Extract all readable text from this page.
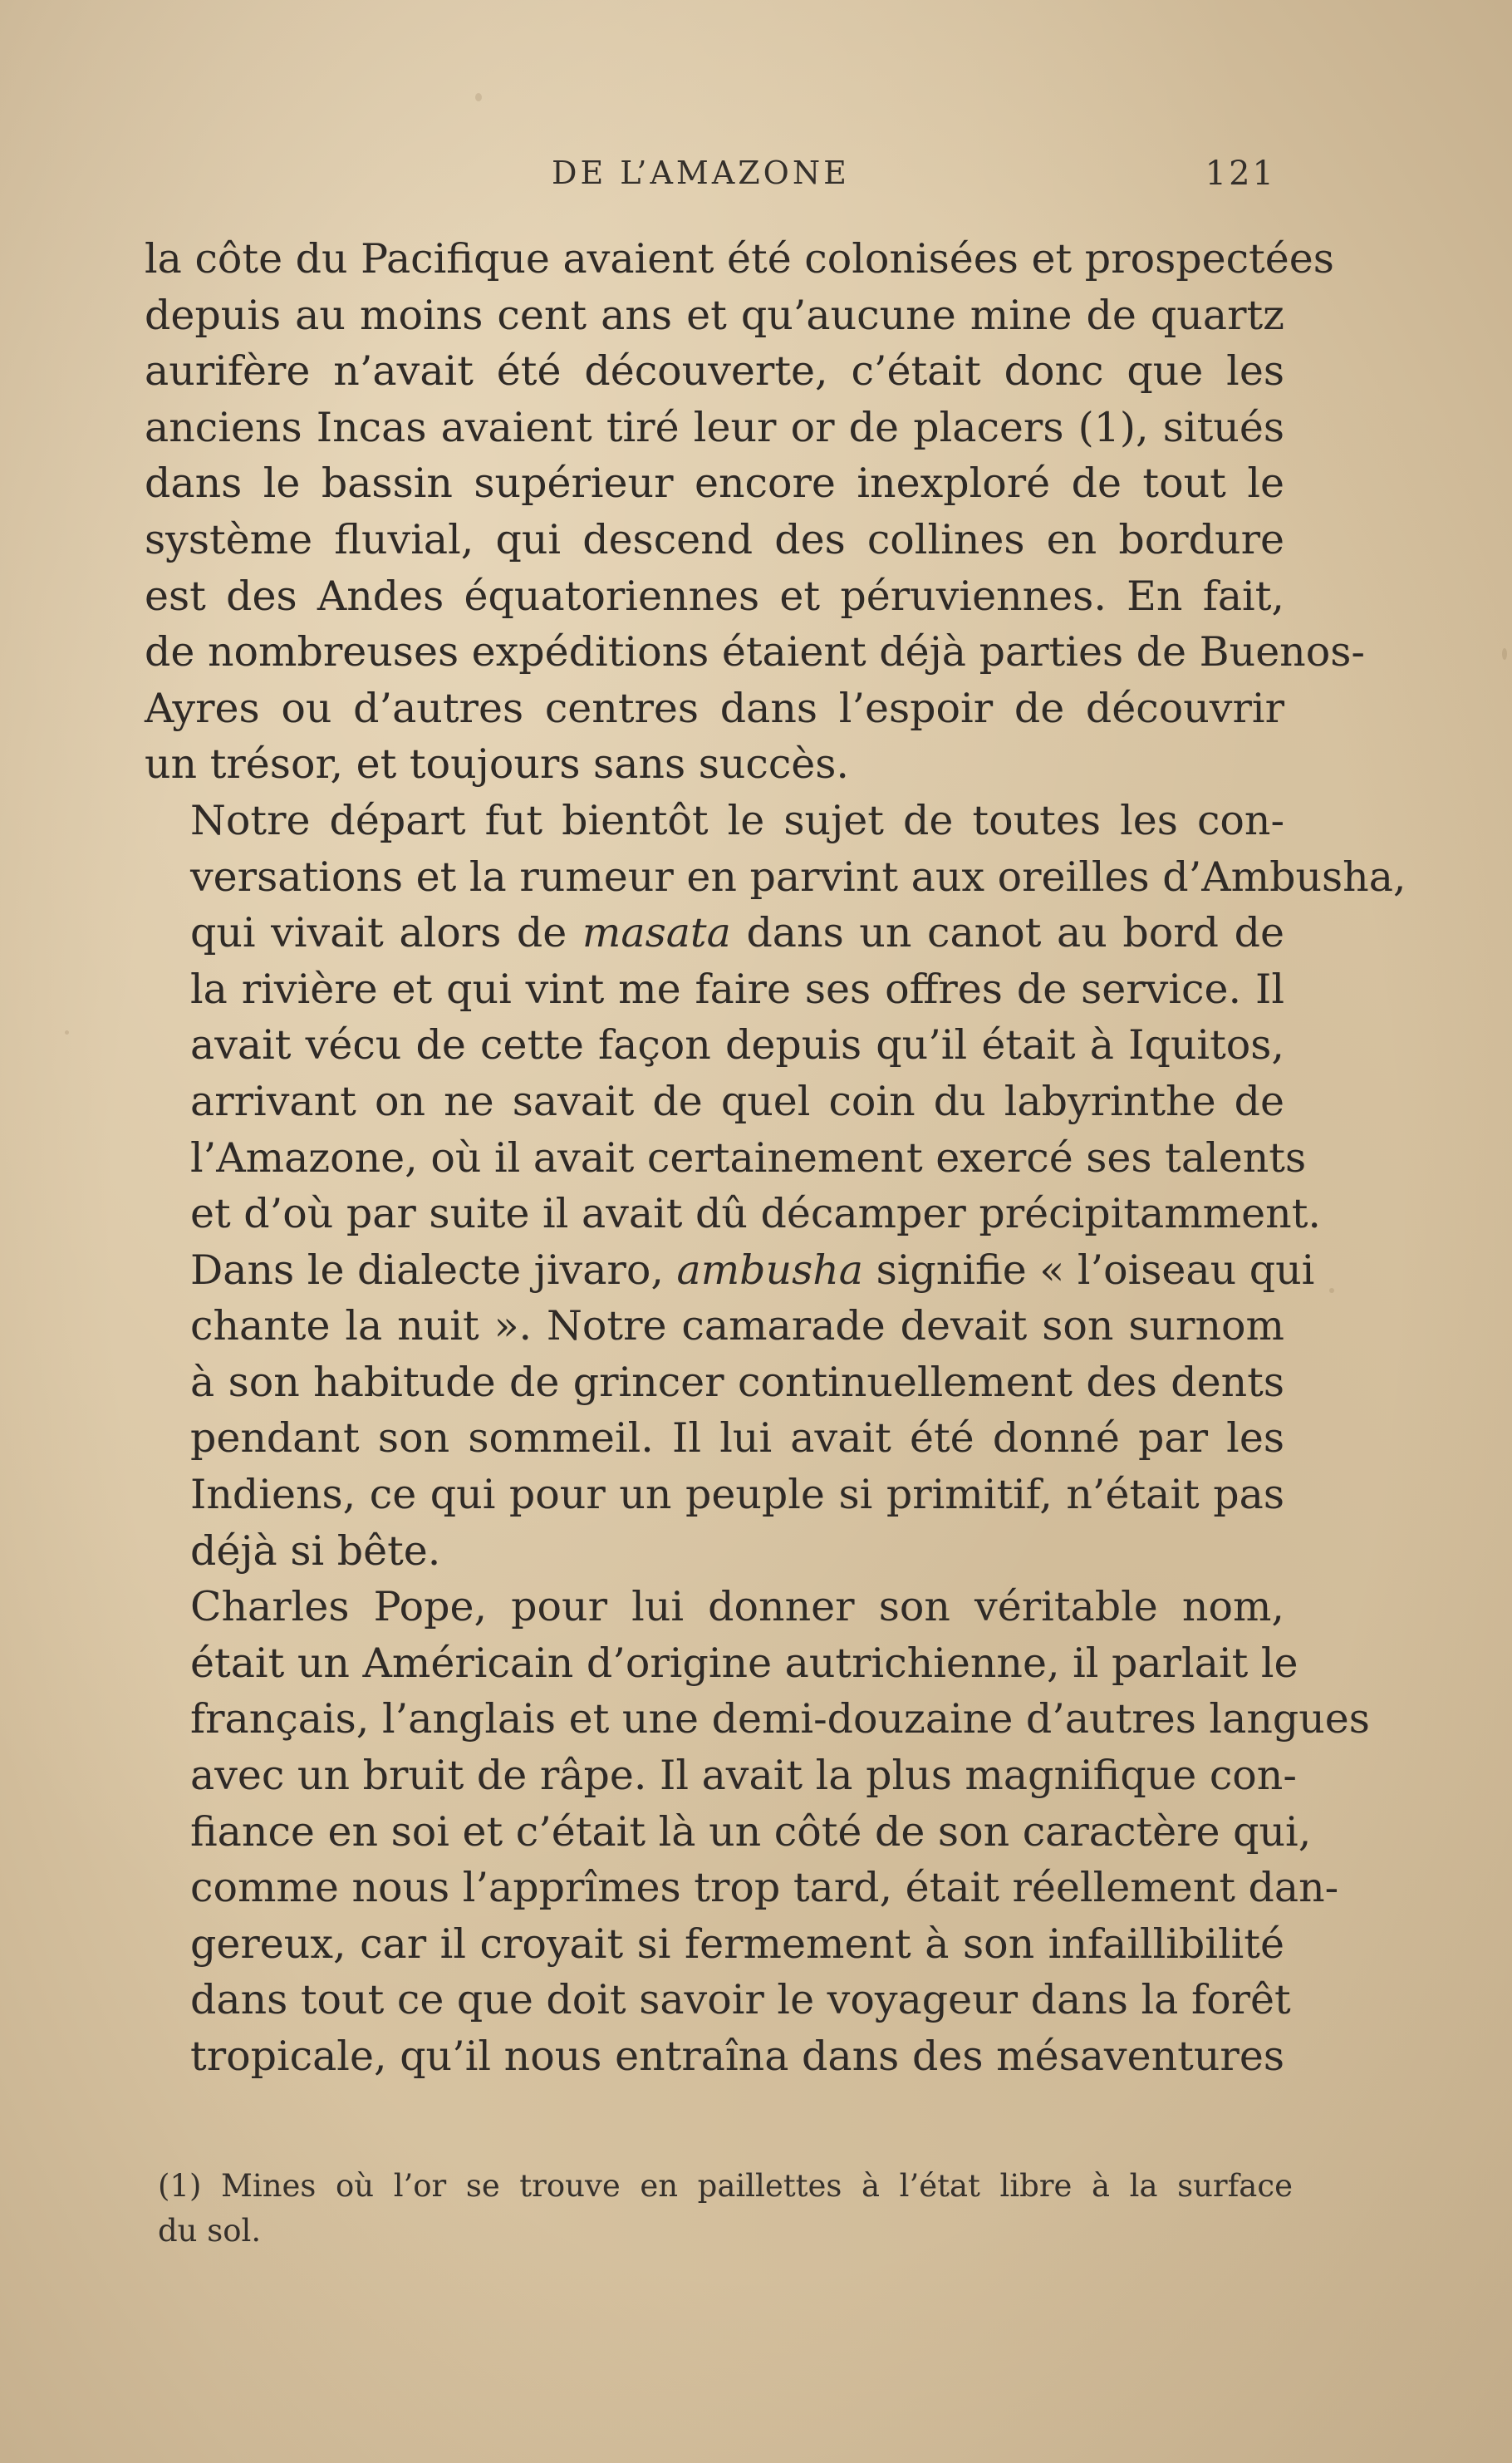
DE L’AMAZONE	121

la côte du Pacifique avaient été colonisées et prospectées
depuis au moins cent ans et qu’aucune mine de quartz
aurifère n’avait été découverte, c’était donc que les
anciens Incas avaient tiré leur or de placers (1), situés
dans le bassin supérieur encore inexploré de tout le
système fluvial, qui descend des collines en bordure
est des Andes équatoriennes et péruviennes. En fait,
de nombreuses expéditions étaient déjà parties de Buenos-
Ayres ou d’autres centres dans l’espoir de découvrir
un trésor, et toujours sans succès.

Notre départ fut bientôt le sujet de toutes les con-
versations et la rumeur en parvint aux oreilles d’Ambusha,
qui vivait alors de masata dans un canot au bord de
la rivière et qui vint me faire ses offres de service. Il
avait vécu de cette façon depuis qu’il était à Iquitos,
arrivant on ne savait de quel coin du labyrinthe de
l’Amazone, où il avait certainement exercé ses talents
et d’où par suite il avait dû décamper précipitamment.
Dans le dialecte jivaro, ambusha signifie « l’oiseau qui
chante la nuit ». Notre camarade devait son surnom
à son habitude de grincer continuellement des dents
pendant son sommeil. Il lui avait été donné par les
Indiens, ce qui pour un peuple si primitif, n’était pas
déjà si bête.

Charles Pope, pour lui donner son véritable nom,
était un Américain d’origine autrichienne, il parlait le
français, l’anglais et une demi-douzaine d’autres langues
avec un bruit de râpe. Il avait la plus magnifique con-
fiance en soi et c’était là un côté de son caractère qui,
comme nous l’apprîmes trop tard, était réellement dan-
gereux, car il croyait si fermement à son infaillibilité
dans tout ce que doit savoir le voyageur dans la forêt
tropicale, qu’il nous entraîna dans des mésaventures

(1) Mines où l’or se trouve en paillettes à l’état libre à la surface
du sol.
